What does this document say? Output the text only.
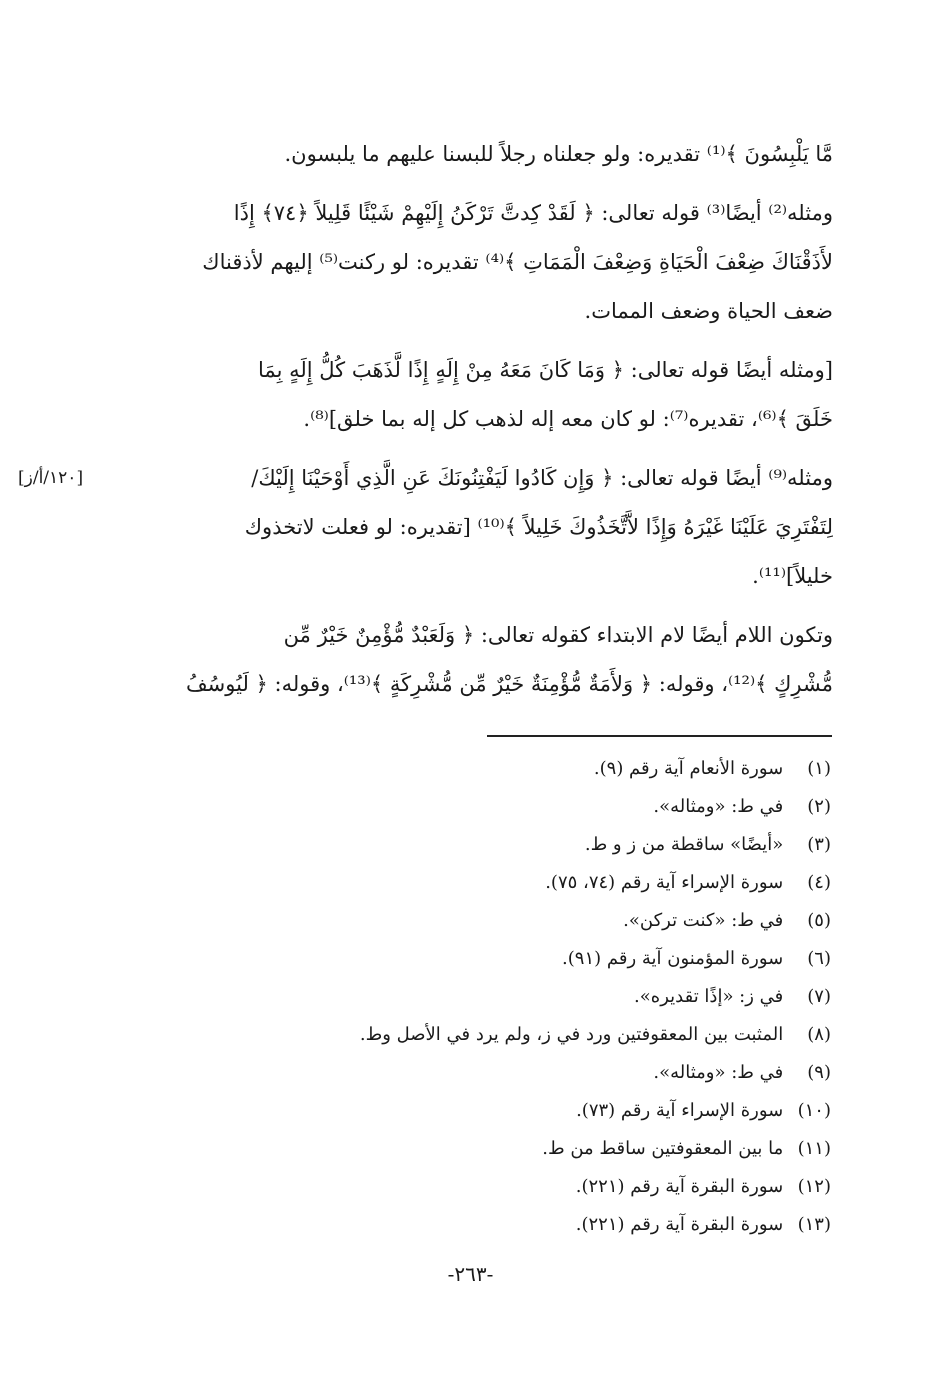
مَّا يَلْبِسُونَ ﴾⁽¹⁾ تقديره: ولو جعلناه رجلاً للبسنا عليهم ما يلبسون.
ومثله⁽²⁾ أيضًا⁽³⁾ قوله تعالى: ﴿ لَقَدْ كِدتَّ تَرْكَنُ إِلَيْهِمْ شَيْئًا قَلِيلاً ﴿٧٤﴾ إِذًا
لأَذَقْنَاكَ ضِعْفَ الْحَيَاةِ وَضِعْفَ الْمَمَاتِ ﴾⁽⁴⁾ تقديره: لو ركنت⁽⁵⁾ إليهم لأذقناك
ضعف الحياة وضعف الممات.
[ومثله أيضًا قوله تعالى: ﴿ وَمَا كَانَ مَعَهُ مِنْ إِلَهٍ إِذًا لَّذَهَبَ كُلُّ إِلَهٍ بِمَا
خَلَقَ ﴾⁽⁶⁾، تقديره⁽⁷⁾: لو كان معه إله لذهب كل إله بما خلق]⁽⁸⁾.
ومثله⁽⁹⁾ أيضًا قوله تعالى: ﴿ وَإِن كَادُوا لَيَفْتِنُونَكَ عَنِ الَّذِي أَوْحَيْنَا إِلَيْكَ/
لِتَفْتَرِيَ عَلَيْنَا غَيْرَهُ وَإِذًا لاَّتَّخَذُوكَ خَلِيلاً ﴾⁽¹⁰⁾ [تقديره: لو فعلت لاتخذوك
خليلاً]⁽¹¹⁾.
وتكون اللام أيضًا لام الابتداء كقوله تعالى: ﴿ وَلَعَبْدٌ مُّؤْمِنٌ خَيْرٌ مِّن
مُّشْرِكٍ ﴾⁽¹²⁾، وقوله: ﴿ وَلأَمَةٌ مُّؤْمِنَةٌ خَيْرٌ مِّن مُّشْرِكَةٍ ﴾⁽¹³⁾، وقوله: ﴿ لَيُوسُفُ
[١٢٠/أ/ز]
(١) سورة الأنعام آية رقم (٩).
(٢) في ط: «ومثاله».
(٣) «أيضًا» ساقطة من ز و ط.
(٤) سورة الإسراء آية رقم (٧٤، ٧٥).
(٥) في ط: «كنت تركن».
(٦) سورة المؤمنون آية رقم (٩١).
(٧) في ز: «إذًا تقديره».
(٨) المثبت بين المعقوفتين ورد في ز، ولم يرد في الأصل وط.
(٩) في ط: «ومثاله».
(١٠) سورة الإسراء آية رقم (٧٣).
(١١) ما بين المعقوفتين ساقط من ط.
(١٢) سورة البقرة آية رقم (٢٢١).
(١٣) سورة البقرة آية رقم (٢٢١).
-٢٦٣-
